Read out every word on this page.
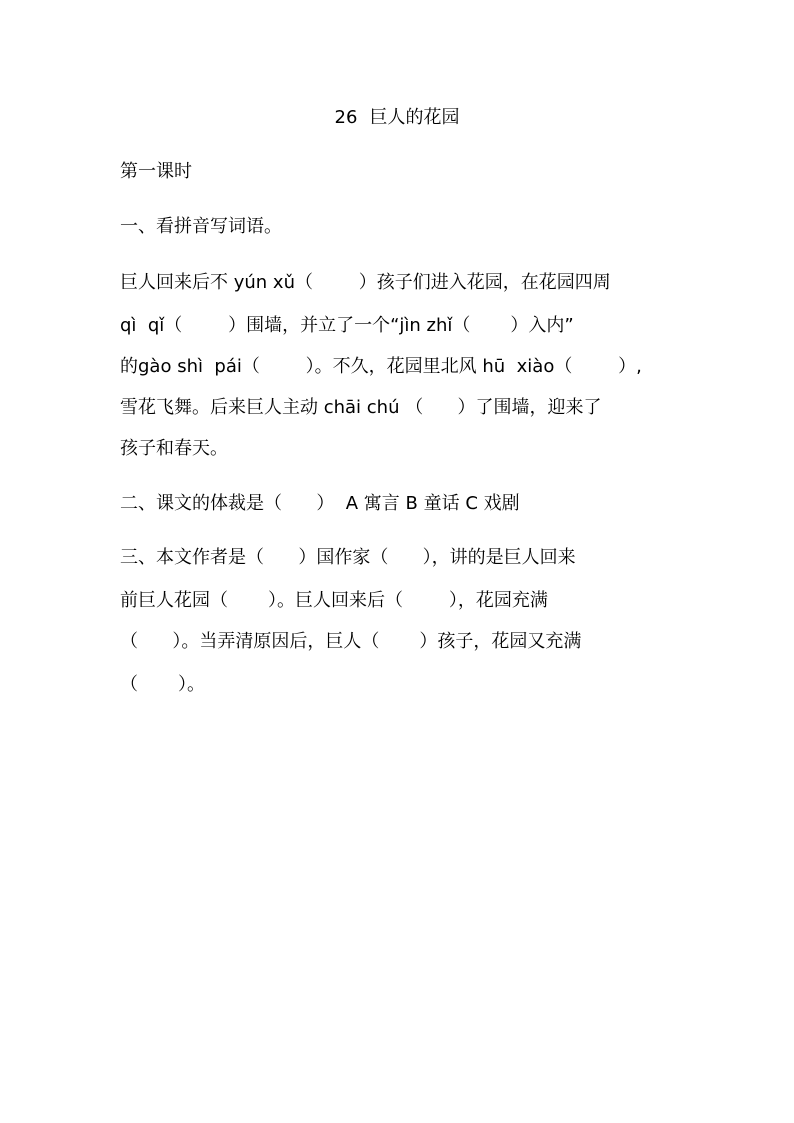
26 巨人的花园
第一课时
一、看拼音写词语。
巨人回来后不 yún xǔ（        ）孩子们进入花园，在花园四周
qì  qǐ（        ）围墙，并立了一个“jìn zhǐ（       ）入内”
的gào shì  pái（        ）。不久，花园里北风 hū  xiào（        ）,
雪花飞舞。后来巨人主动 chāi chú （      ）了围墙，迎来了
孩子和春天。
二、课文的体裁是（      ）  A 寓言 B 童话 C 戏剧
三、本文作者是（      ）国作家（      ），讲的是巨人回来
前巨人花园（       ）。巨人回来后（        ），花园充满
（      ）。当弄清原因后，巨人（       ）孩子，花园又充满
（       ）。
